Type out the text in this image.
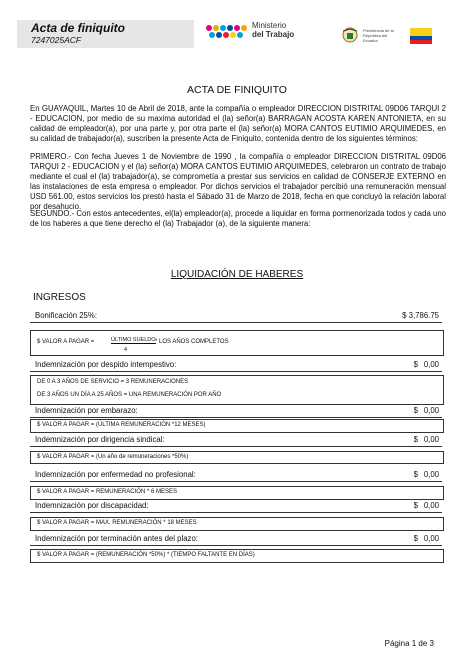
Acta de finiquito
7247025ACF
Ministerio
del Trabajo	Presidencia de la República del Ecuador
ACTA DE FINIQUITO
En GUAYAQUIL, Martes 10 de Abril de 2018, ante la compañía o empleador DIRECCION DISTRITAL 09D06 TARQUI 2 - EDUCACION, por medio de su maxima autoridad el (la) señor(a) BARRAGAN ACOSTA KAREN ANTONIETA, en su calidad de empleador(a), por una parte y, por otra parte el (la) señor(a) MORA CANTOS EUTIMIO ARQUIMEDES, en su calidad de trabajador(a), suscriben la presente Acta de Finiquito, contenida dentro de los siguientes términos:
PRIMERO.- Con fecha Jueves 1 de Noviembre de 1990 , la compañía o empleador DIRECCION DISTRITAL 09D06 TARQUI 2 - EDUCACION y el (la) señor(a) MORA CANTOS EUTIMIO ARQUIMEDES, celebraron un contrato de trabajo mediante el cual el (la) trabajador(a), se comprometía a prestar sus servicios en calidad de CONSERJE EXTERNO en las instalaciones de esta empresa o empleador. Por dichos servicios el trabajador percibió una remuneración mensual USD 561.00, estos servicios los prestó hasta el Sábado 31 de Marzo de 2018, fecha en que concluyó la relación laboral por desahucio.
SEGUNDO.- Con estos antecedentes, el(la) empleador(a), procede a liquidar en forma pormenorizada todos y cada uno de los haberes a que tiene derecho el (la) Trabajador (a), de la siguiente manera:
LIQUIDACIÓN DE HABERES
INGRESOS
Bonificación 25%:	$ 3,786.75
$ VALOR A PAGAR =	ÚLTIMO SUELDO
4
* LOS AÑOS COMPLETOS
Indemnización por despido intempestivo:	$ 0,00
DE 0 A 3 AÑOS DE SERVICIO = 3 REMUNERACIONES
DE 3 AÑOS UN DÍA A 25 AÑOS = UNA REMUNERACIÓN POR AÑO
Indemnización por embarazo:	$ 0,00
$ VALOR A PAGAR = (ÚLTIMA REMUNERACIÓN *12 MESES)
Indemnización por dirigencia sindical:	$ 0,00
$ VALOR A PAGAR = (Un año de remuneraciones *50%)
Indemnización por enfermedad no profesional:	$ 0,00
$ VALOR A PAGAR = REMUNERACIÓN * 6 MESES
Indemnización por discapacidad:	$ 0,00
$ VALOR A PAGAR = MAX. REMUNERACIÓN * 18 MESES
Indemnización por terminación antes del plazo:	$ 0,00
$ VALOR A PAGAR = (REMUNERACIÓN *50%) * (TIEMPO FALTANTE EN DÍAS)
Página 1 de 3
